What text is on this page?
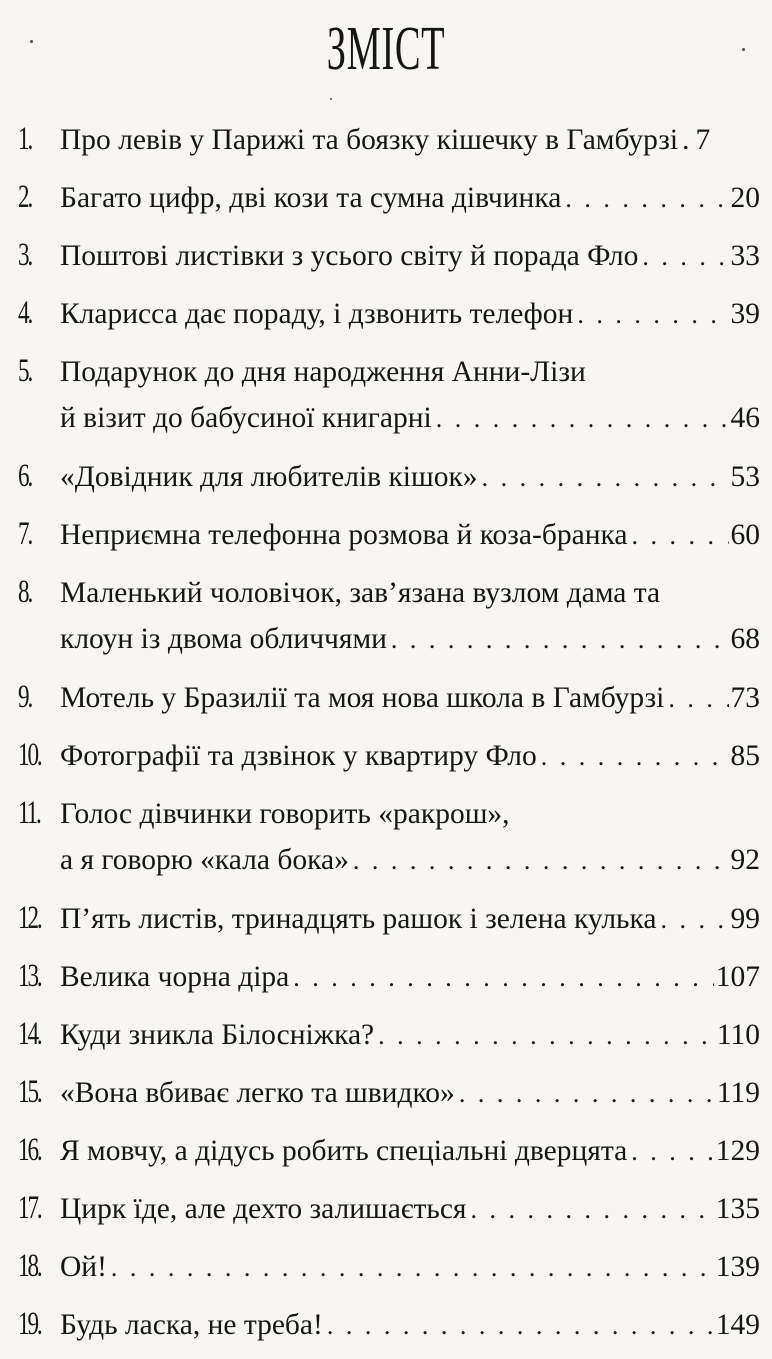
ЗМІСТ
1. Про левів у Парижі та боязку кішечку в Гамбурзі . 7
2. Багато цифр, дві кози та сумна дівчинка . . .	20
3. Поштові листівки з усього світу й порада Фло . . .	33
4. Кларисса дає пораду, і дзвонить телефон . . .	39
5. Подарунок до дня народження Анни-Лізи
й візит до бабусиної книгарні . . .	46
6. «Довідник для любителів кішок» . . .	53
7. Неприємна телефонна розмова й коза-бранка . . .	60
8. Маленький чоловічок, зав’язана вузлом дама та
клоун із двома обличчями . . .	68
9. Мотель у Бразилії та моя нова школа в Гамбурзі . . . 73
10. Фотографії та дзвінок у квартиру Фло . . .	85
11. Голос дівчинки говорить «ракрош»,
а я говорю «кала бока» . . .	92
12. П’ять листів, тринадцять рашок і зелена кулька . . .	99
13. Велика чорна діра . . .	107
14. Куди зникла Білосніжка? . . .	110
15. «Вона вбиває легко та швидко» . . .	119
16. Я мовчу, а дідусь робить спеціальні дверцята . . .	129
17. Цирк їде, але дехто залишається . . .	135
18. Ой! . . .	139
19. Будь ласка, не треба! . . .	149
